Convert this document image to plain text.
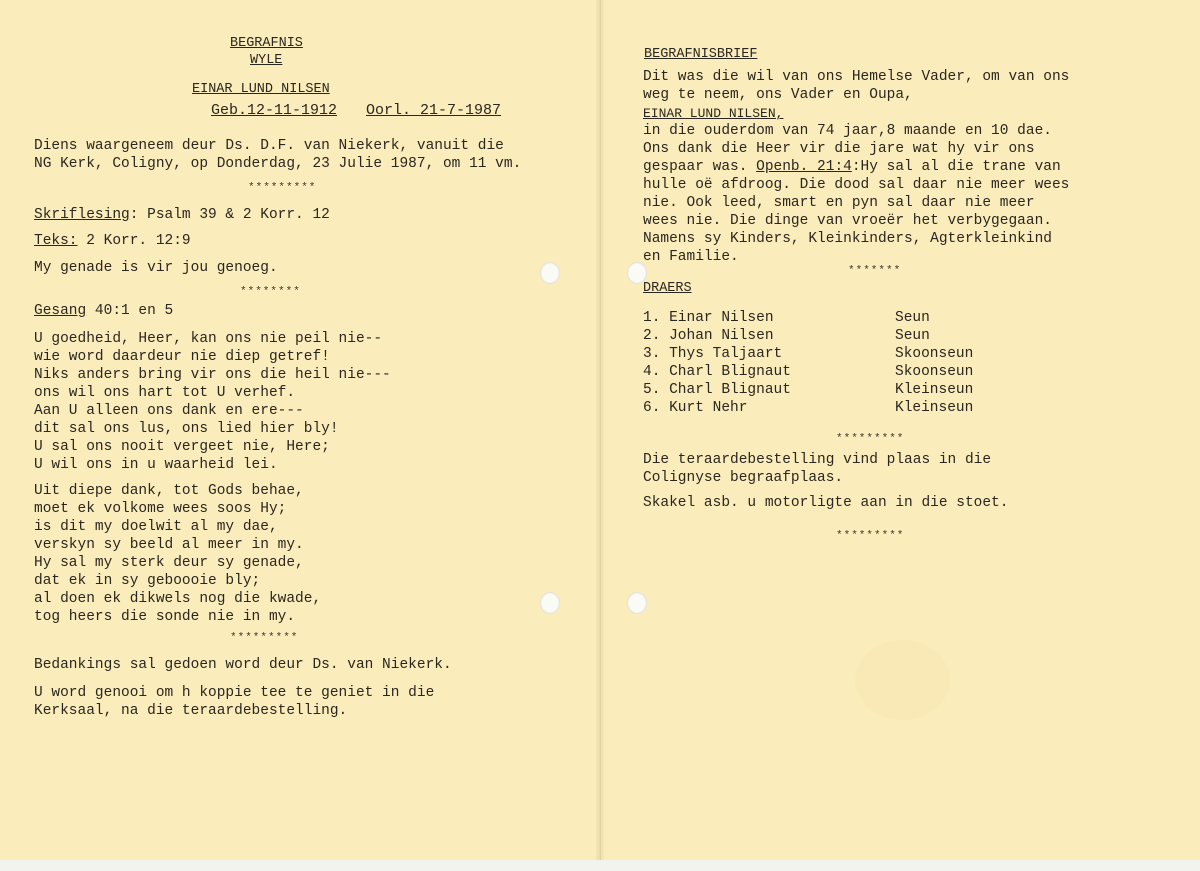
BEGRAFNIS
WYLE
EINAR LUND NILSEN
Geb.12-11-1912 Oorl. 21-7-1987
Diens waargeneem deur Ds. D.F. van Niekerk, vanuit die
NG Kerk, Coligny, op Donderdag, 23 Julie 1987, om 11 vm.
*********
Skriflesing: Psalm 39 & 2 Korr. 12
Teks: 2 Korr. 12:9
My genade is vir jou genoeg.
********
Gesang 40:1 en 5
U goedheid, Heer, kan ons nie peil nie--
wie word daardeur nie diep getref!
Niks anders bring vir ons die heil nie---
ons wil ons hart tot U verhef.
Aan U alleen ons dank en ere---
dit sal ons lus, ons lied hier bly!
U sal ons nooit vergeet nie, Here;
U wil ons in u waarheid lei.
Uit diepe dank, tot Gods behae,
moet ek volkome wees soos Hy;
is dit my doelwit al my dae,
verskyn sy beeld al meer in my.
Hy sal my sterk deur sy genade,
dat ek in sy geboooie bly;
al doen ek dikwels nog die kwade,
tog heers die sonde nie in my.
*********
Bedankings sal gedoen word deur Ds. van Niekerk.
U word genooi om h koppie tee te geniet in die
Kerksaal, na die teraardebestelling.
BEGRAFNISBRIEF
Dit was die wil van ons Hemelse Vader, om van ons
weg te neem, ons Vader en Oupa,
EINAR LUND NILSEN,
in die ouderdom van 74 jaar,8 maande en 10 dae.
Ons dank die Heer vir die jare wat hy vir ons
gespaar was. Openb. 21:4:Hy sal al die trane van
hulle oë afdroog. Die dood sal daar nie meer wees
nie. Ook leed, smart en pyn sal daar nie meer
wees nie. Die dinge van vroeër het verbygegaan.
Namens sy Kinders, Kleinkinders, Agterkleinkind
en Familie.
*******
DRAERS
1. Einar Nilsen	Seun
2. Johan Nilsen	Seun
3. Thys Taljaart	Skoonseun
4. Charl Blignaut	Skoonseun
5. Charl Blignaut	Kleinseun
6. Kurt Nehr	Kleinseun
*********
Die teraardebestelling vind plaas in die
Colignyse begraafplaas.
Skakel asb. u motorligte aan in die stoet.
*********
